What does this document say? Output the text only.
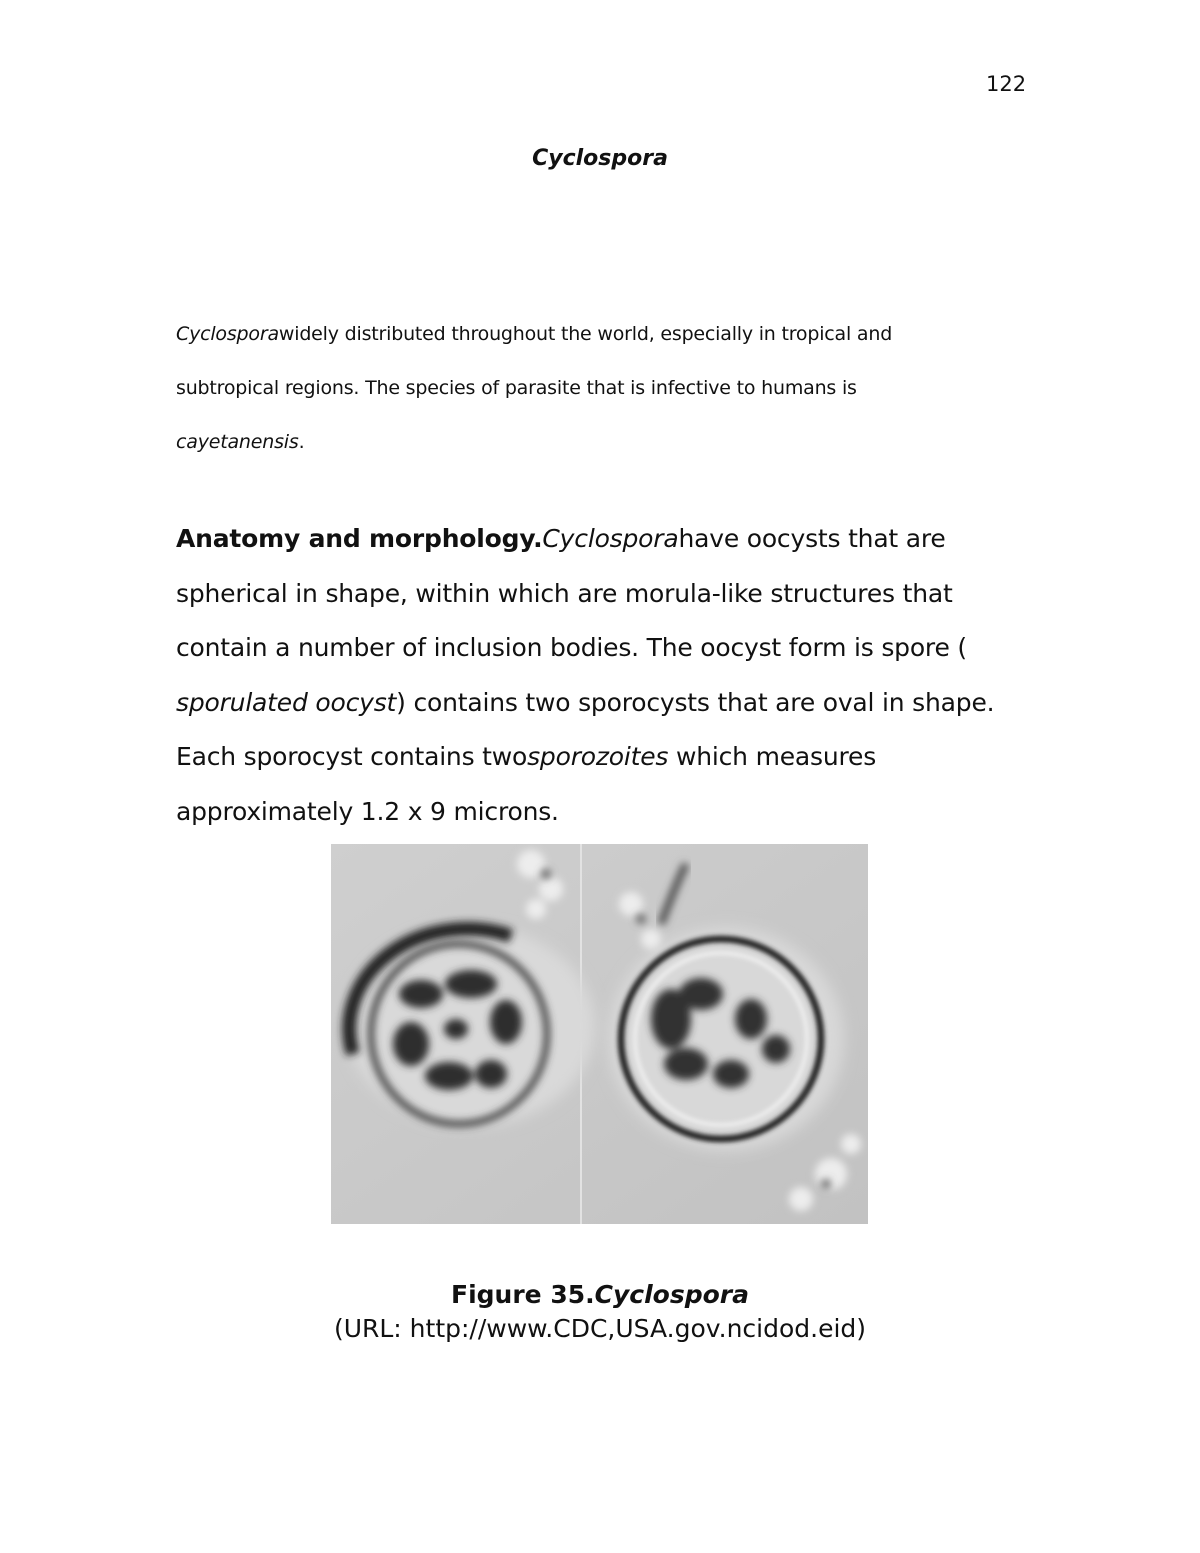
122
Cyclospora
Cyclosporawidely distributed throughout the world, especially in tropical and
subtropical regions. The species of parasite that is infective to humans is
cayetanensis.
Anatomy and morphology.Cyclosporahave oocysts that are
spherical in shape, within which are morula-like structures that
contain a number of inclusion bodies. The oocyst form is spore (
sporulated oocyst) contains two sporocysts that are oval in shape.
Each sporocyst contains twosporozoites which measures
approximately 1.2 x 9 microns.
Figure 35.Cyclospora
(URL: http://www.CDC,USA.gov.ncidod.eid)
